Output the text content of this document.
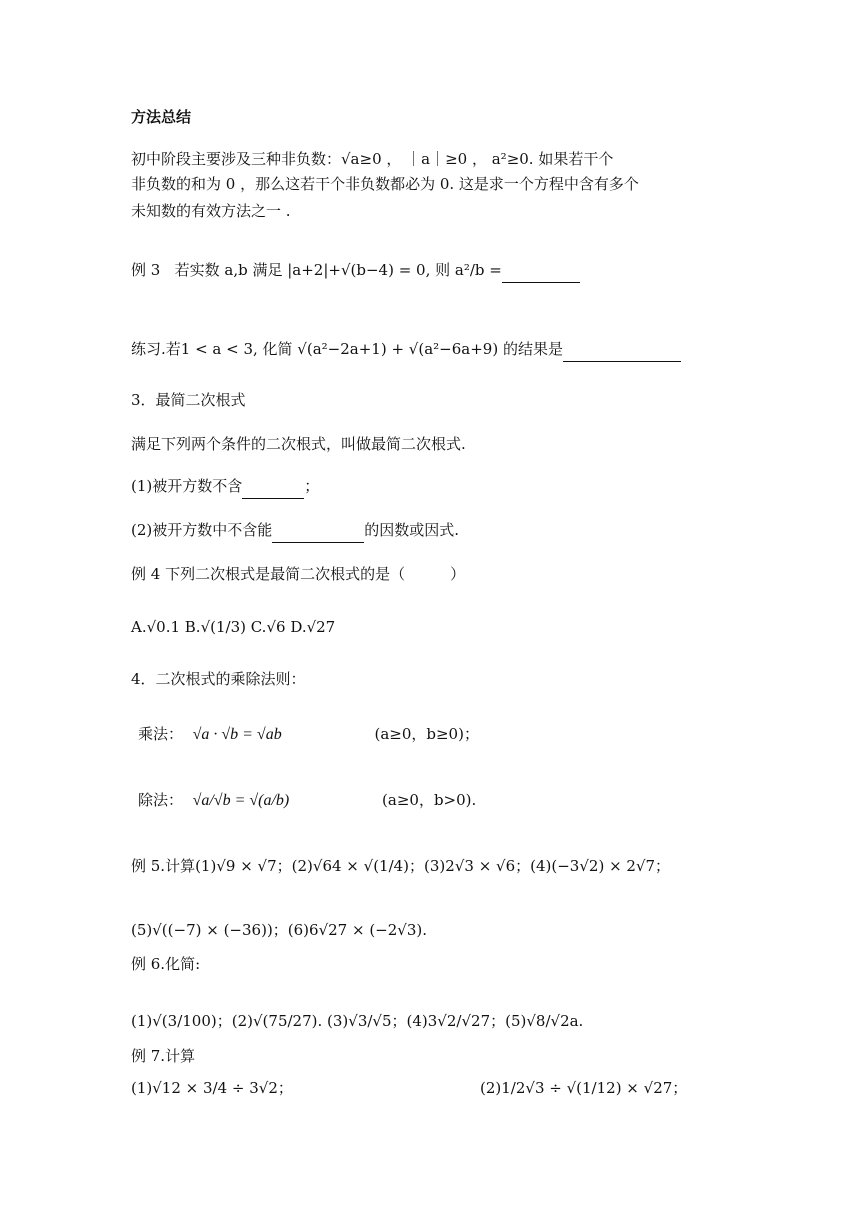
方法总结
初中阶段主要涉及三种非负数：√a≥0 ， ｜a｜≥0 ， a²≥0. 如果若干个
非负数的和为 0 ，那么这若干个非负数都必为 0. 这是求一个方程中含有多个
未知数的有效方法之一 .
例 3 若实数 a,b 满足 |a+2|+√(b−4) = 0, 则 a²/b =
练习.若1 < a < 3, 化简 √(a²−2a+1) + √(a²−6a+9) 的结果是
3．最简二次根式
满足下列两个条件的二次根式，叫做最简二次根式.
(1)被开方数不含	；
(2)被开方数中不含能	的因数或因式.
例 4 下列二次根式是最简二次根式的是（　　　）
A.√0.1 B.√(1/3) C.√6 D.√27
4．二次根式的乘除法则：
乘法： √a · √b = √ab	(a≥0，b≥0)；
除法： √a/√b = √(a/b)	(a≥0，b>0).
例 5.计算(1)√9 × √7；(2)√64 × √(1/4)；(3)2√3 × √6；(4)(−3√2) × 2√7；
(5)√((−7) × (−36))；(6)6√27 × (−2√3).
例 6.化简:
(1)√(3/100)；(2)√(75/27). (3)√3/√5；(4)3√2/√27；(5)√8/√2a.
例 7.计算
(1)√12 × 3/4 ÷ 3√2；	(2)1/2√3 ÷ √(1/12) × √27；
